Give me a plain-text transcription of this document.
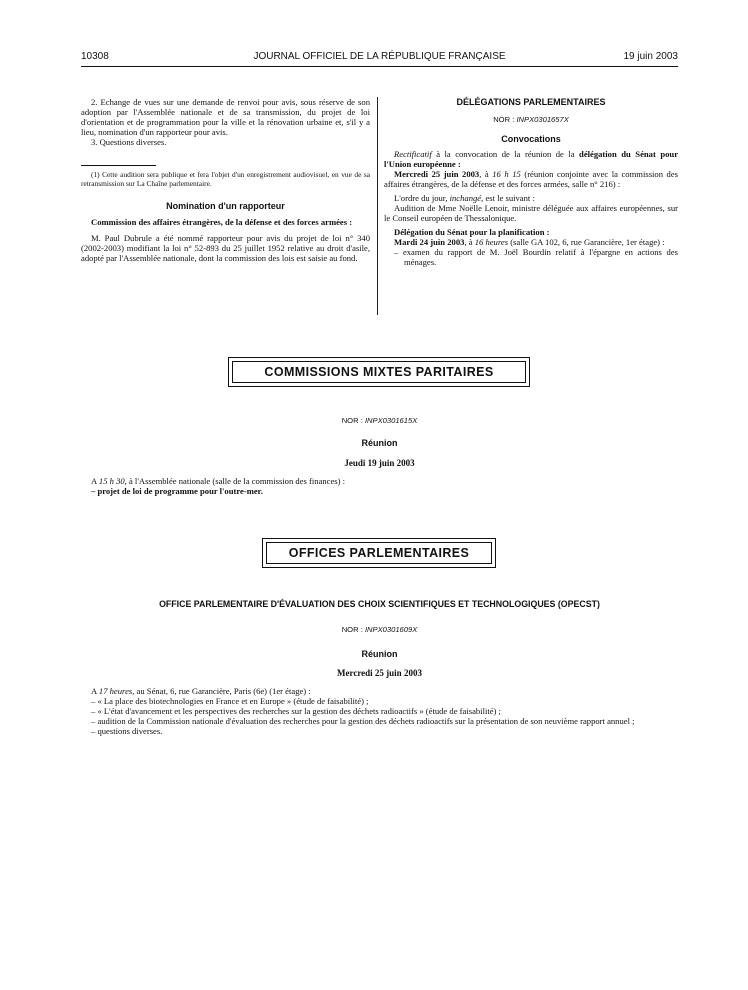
10308	JOURNAL OFFICIEL DE LA RÉPUBLIQUE FRANÇAISE	19 juin 2003

2. Echange de vues sur une demande de renvoi pour avis, sous réserve de son adoption par l'Assemblée nationale et de sa transmission, du projet de loi d'orientation et de programmation pour la ville et la rénovation urbaine et, s'il y a lieu, nomination d'un rapporteur pour avis.

3. Questions diverses.

(1) Cette audition sera publique et fera l'objet d'un enregistrement audiovisuel, en vue de sa retransmission sur La Chaîne parlementaire.

Nomination d'un rapporteur

Commission des affaires étrangères, de la défense et des forces armées :

M. Paul Dubrule a été nommé rapporteur pour avis du projet de loi n° 340 (2002-2003) modifiant la loi n° 52-893 du 25 juillet 1952 relative au droit d'asile, adopté par l'Assemblée nationale, dont la commission des lois est saisie au fond.

DÉLÉGATIONS PARLEMENTAIRES

NOR : INPX0301657X

Convocations

Rectificatif à la convocation de la réunion de la délégation du Sénat pour l'Union européenne :

Mercredi 25 juin 2003, à 16 h 15 (réunion conjointe avec la commission des affaires étrangères, de la défense et des forces armées, salle n° 216) :

L'ordre du jour, inchangé, est le suivant :

Audition de Mme Noëlle Lenoir, ministre déléguée aux affaires européennes, sur le Conseil européen de Thessalonique.

Délégation du Sénat pour la planification :

Mardi 24 juin 2003, à 16 heures (salle GA 102, 6, rue Garancière, 1er étage) :

– examen du rapport de M. Joël Bourdin relatif à l'épargne en actions des ménages.

COMMISSIONS MIXTES PARITAIRES

NOR : INPX0301615X

Réunion

Jeudi 19 juin 2003

A 15 h 30, à l'Assemblée nationale (salle de la commission des finances) :

– projet de loi de programme pour l'outre-mer.

OFFICES PARLEMENTAIRES

OFFICE PARLEMENTAIRE D'ÉVALUATION DES CHOIX SCIENTIFIQUES ET TECHNOLOGIQUES (OPECST)

NOR : INPX0301609X

Réunion

Mercredi 25 juin 2003

A 17 heures, au Sénat, 6, rue Garancière, Paris (6e) (1er étage) :

– « La place des biotechnologies en France et en Europe » (étude de faisabilité) ;

– « L'état d'avancement et les perspectives des recherches sur la gestion des déchets radioactifs » (étude de faisabilité) ;

– audition de la Commission nationale d'évaluation des recherches pour la gestion des déchets radioactifs sur la présentation de son neuvième rapport annuel ;

– questions diverses.
